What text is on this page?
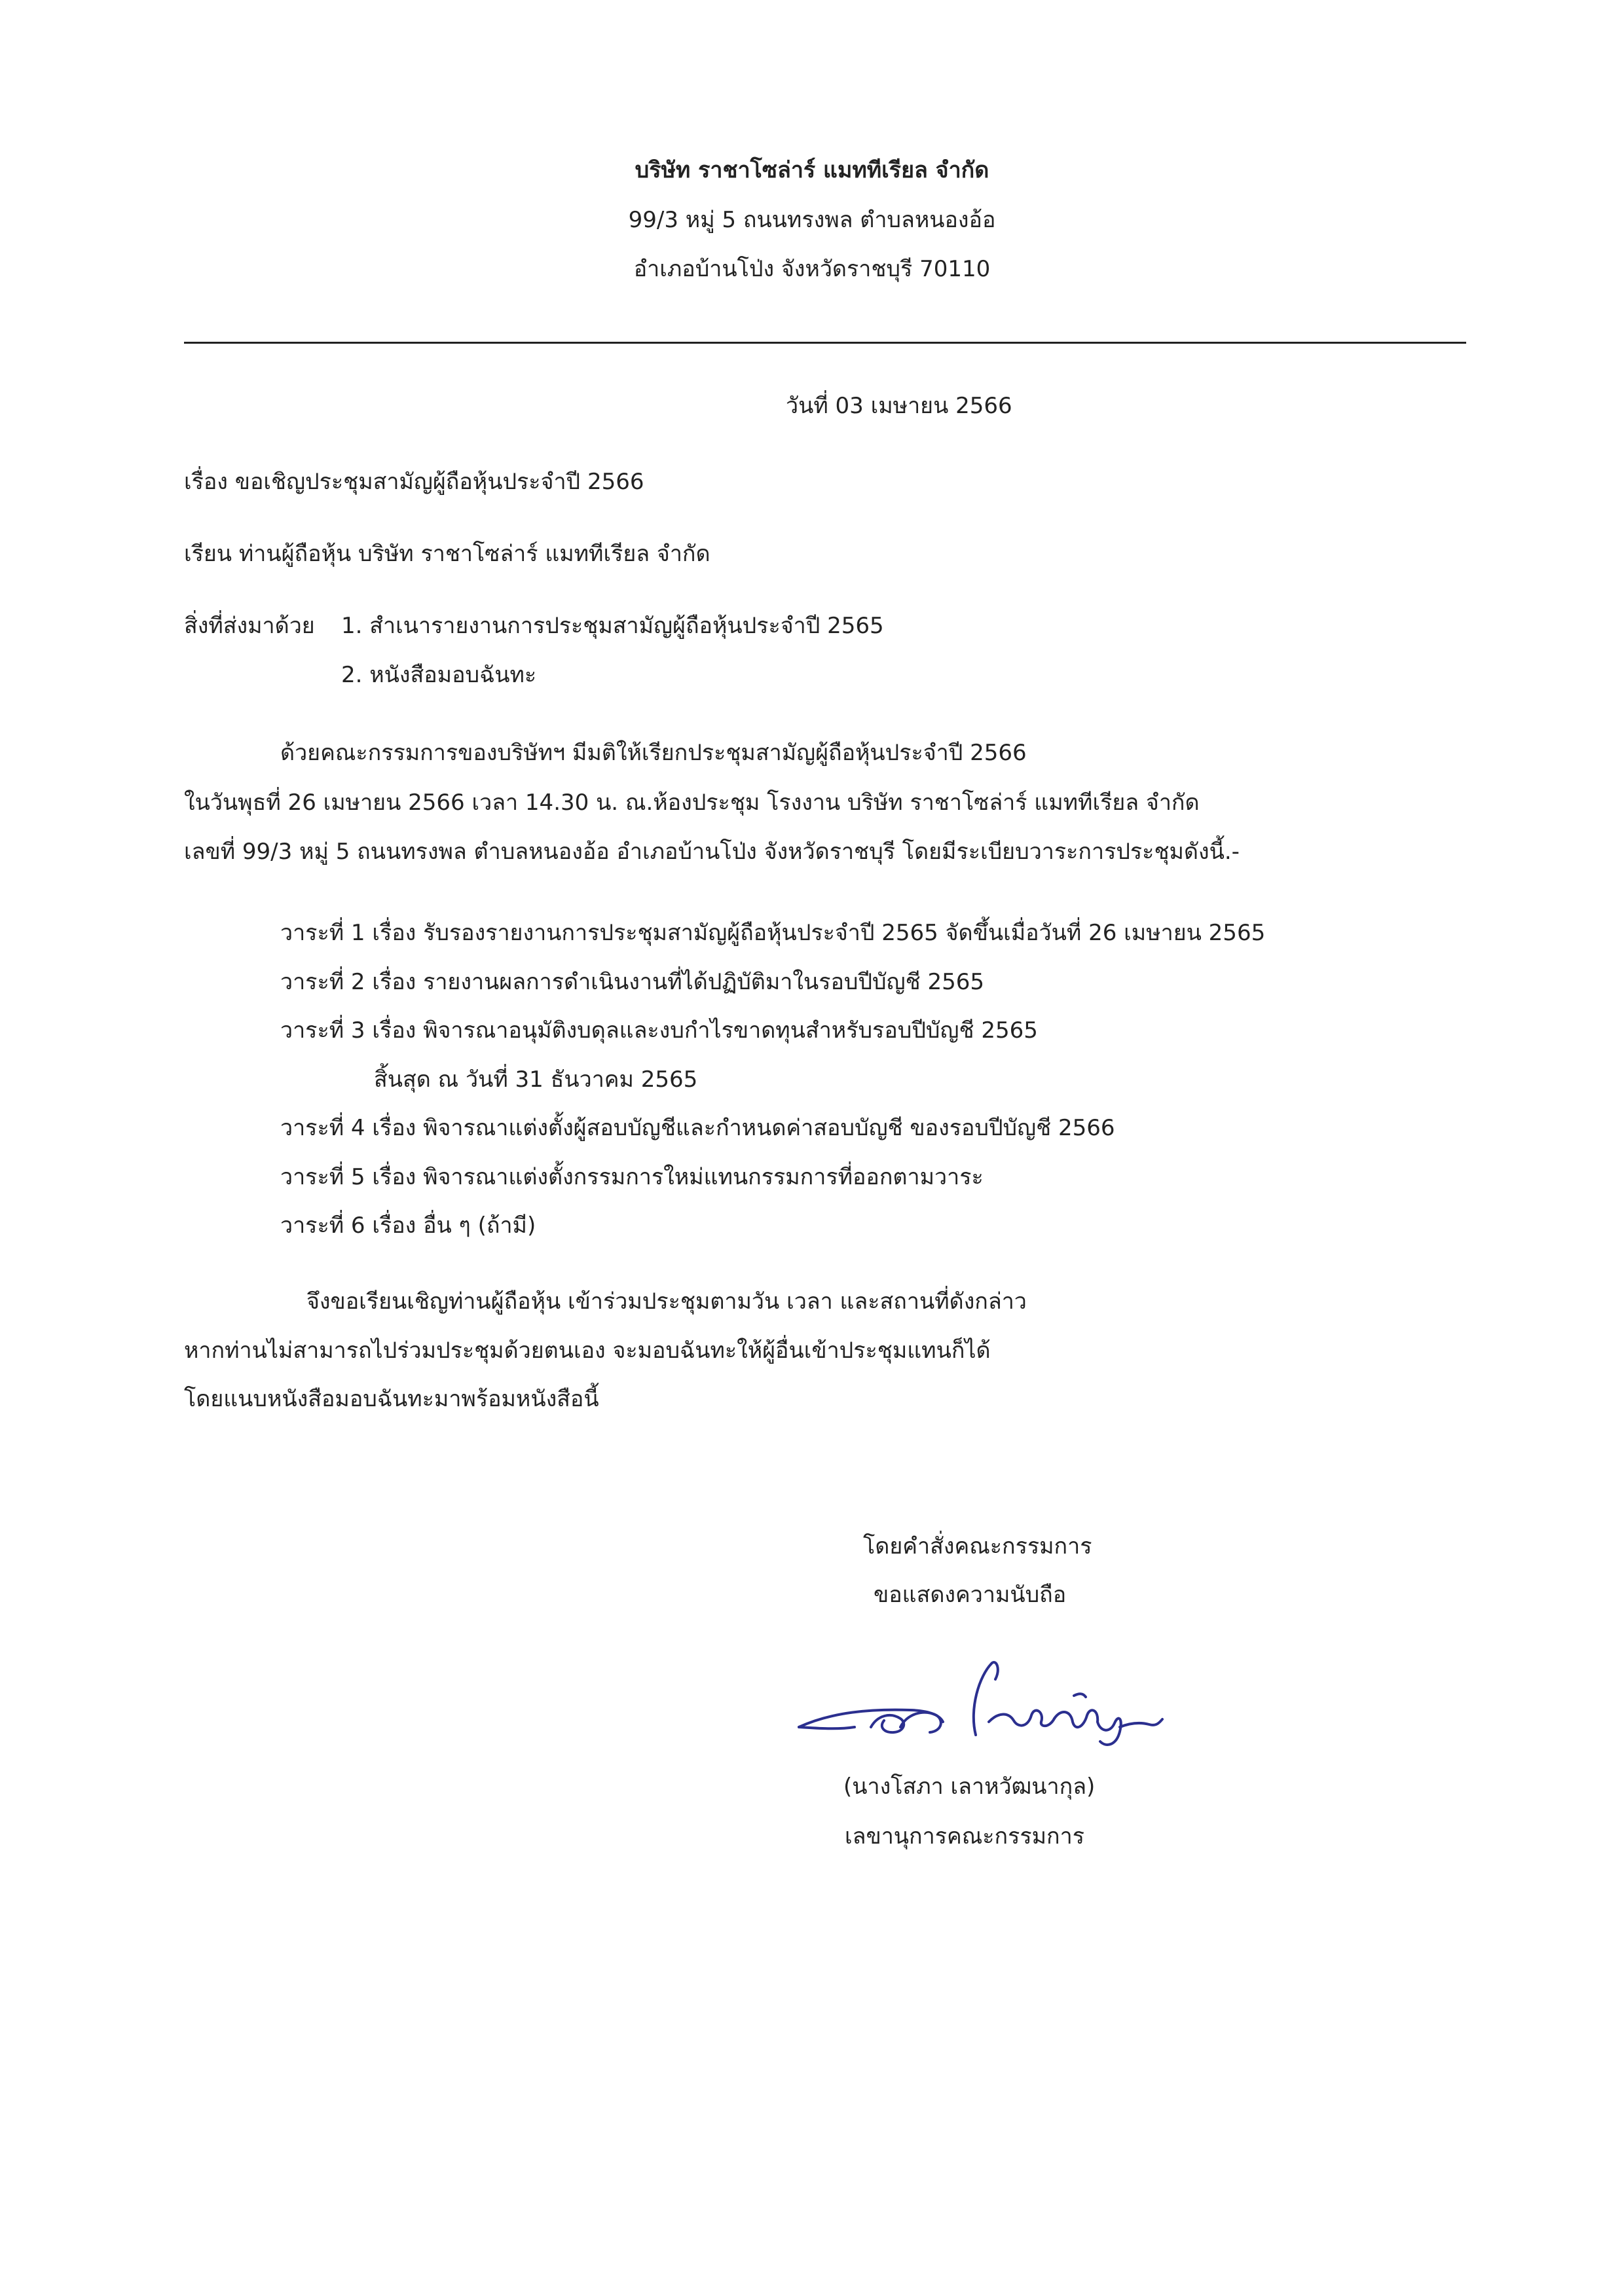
บริษัท ราชาโซล่าร์ แมททีเรียล จำกัด
99/3 หมู่ 5 ถนนทรงพล ตำบลหนองอ้อ
อำเภอบ้านโป่ง จังหวัดราชบุรี 70110
วันที่ 03 เมษายน 2566
เรื่อง ขอเชิญประชุมสามัญผู้ถือหุ้นประจำปี 2566
เรียน ท่านผู้ถือหุ้น บริษัท ราชาโซล่าร์ แมททีเรียล จำกัด
สิ่งที่ส่งมาด้วย 1. สำเนารายงานการประชุมสามัญผู้ถือหุ้นประจำปี 2565
2. หนังสือมอบฉันทะ
ด้วยคณะกรรมการของบริษัทฯ มีมติให้เรียกประชุมสามัญผู้ถือหุ้นประจำปี 2566
ในวันพุธที่ 26 เมษายน 2566 เวลา 14.30 น. ณ.ห้องประชุม โรงงาน บริษัท ราชาโซล่าร์ แมททีเรียล จำกัด
เลขที่ 99/3 หมู่ 5 ถนนทรงพล ตำบลหนองอ้อ อำเภอบ้านโป่ง จังหวัดราชบุรี โดยมีระเบียบวาระการประชุมดังนี้.-
วาระที่ 1 เรื่อง รับรองรายงานการประชุมสามัญผู้ถือหุ้นประจำปี 2565 จัดขึ้นเมื่อวันที่ 26 เมษายน 2565
วาระที่ 2 เรื่อง รายงานผลการดำเนินงานที่ได้ปฏิบัติมาในรอบปีบัญชี 2565
วาระที่ 3 เรื่อง พิจารณาอนุมัติงบดุลและงบกำไรขาดทุนสำหรับรอบปีบัญชี 2565
สิ้นสุด ณ วันที่ 31 ธันวาคม 2565
วาระที่ 4 เรื่อง พิจารณาแต่งตั้งผู้สอบบัญชีและกำหนดค่าสอบบัญชี ของรอบปีบัญชี 2566
วาระที่ 5 เรื่อง พิจารณาแต่งตั้งกรรมการใหม่แทนกรรมการที่ออกตามวาระ
วาระที่ 6 เรื่อง อื่น ๆ (ถ้ามี)
จึงขอเรียนเชิญท่านผู้ถือหุ้น เข้าร่วมประชุมตามวัน เวลา และสถานที่ดังกล่าว
หากท่านไม่สามารถไปร่วมประชุมด้วยตนเอง จะมอบฉันทะให้ผู้อื่นเข้าประชุมแทนก็ได้
โดยแนบหนังสือมอบฉันทะมาพร้อมหนังสือนี้
โดยคำสั่งคณะกรรมการ
ขอแสดงความนับถือ
(นางโสภา เลาหวัฒนากุล)
เลขานุการคณะกรรมการ
